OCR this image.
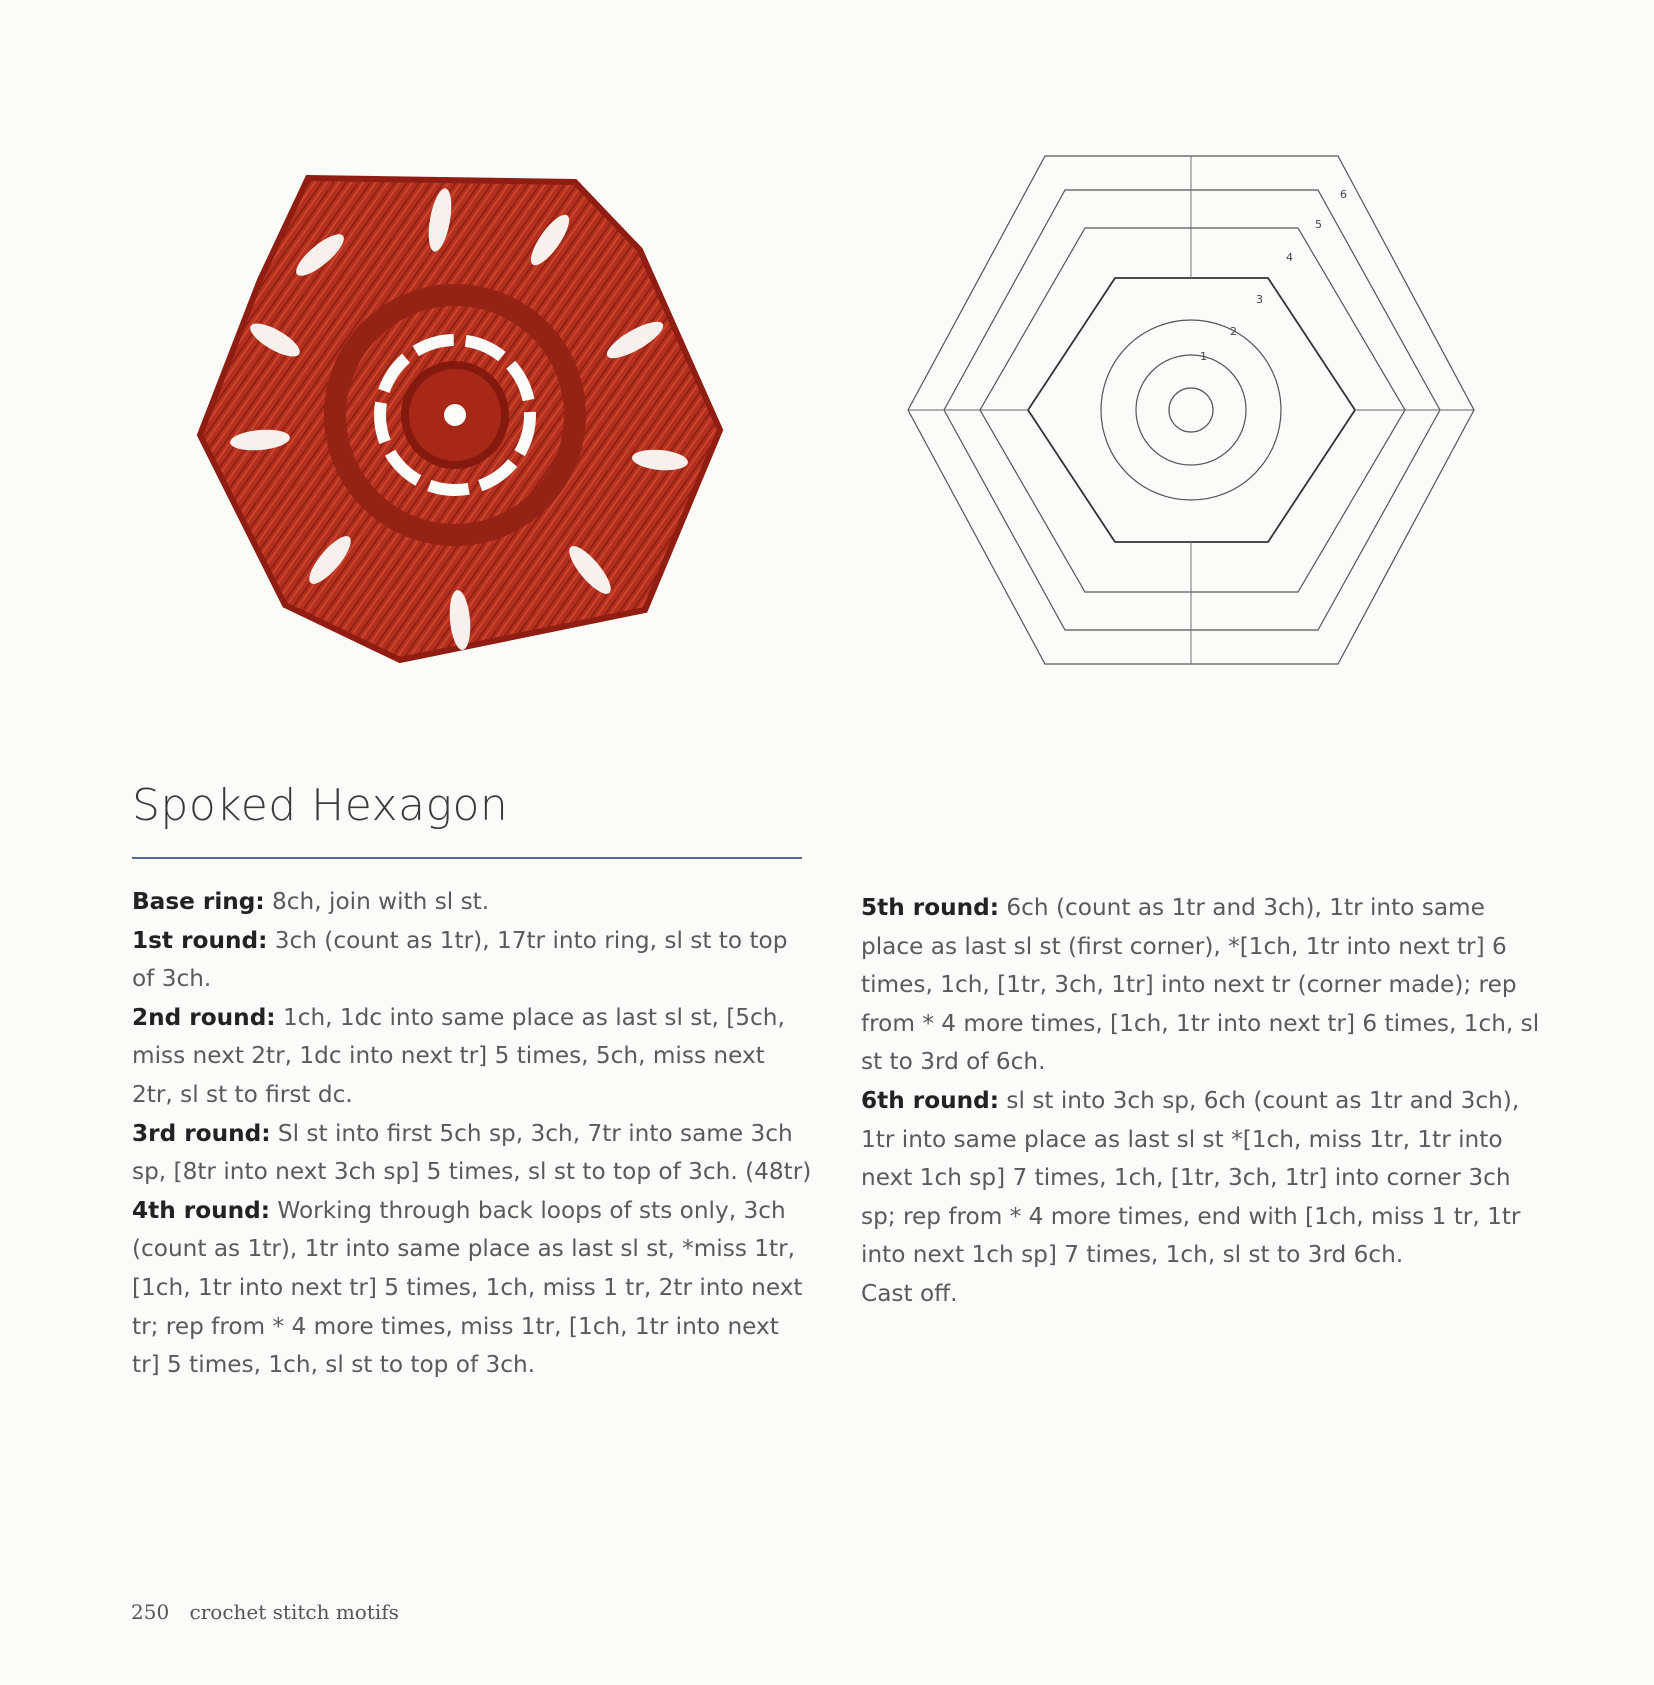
1
2
3
4
5
6
Spoked Hexagon

Base ring: 8ch, join with sl st.

1st round: 3ch (count as 1tr), 17tr into ring, sl st to top of 3ch.

2nd round: 1ch, 1dc into same place as last sl st, [5ch, miss next 2tr, 1dc into next tr] 5 times, 5ch, miss next 2tr, sl st to first dc.

3rd round: Sl st into first 5ch sp, 3ch, 7tr into same 3ch sp, [8tr into next 3ch sp] 5 times, sl st to top of 3ch. (48tr)

4th round: Working through back loops of sts only, 3ch (count as 1tr), 1tr into same place as last sl st, *miss 1tr, [1ch, 1tr into next tr] 5 times, 1ch, miss 1 tr, 2tr into next tr; rep from * 4 more times, miss 1tr, [1ch, 1tr into next tr] 5 times, 1ch, sl st to top of 3ch.

5th round: 6ch (count as 1tr and 3ch), 1tr into same place as last sl st (first corner), *[1ch, 1tr into next tr] 6 times, 1ch, [1tr, 3ch, 1tr] into next tr (corner made); rep from * 4 more times, [1ch, 1tr into next tr] 6 times, 1ch, sl st to 3rd of 6ch.

6th round: sl st into 3ch sp, 6ch (count as 1tr and 3ch), 1tr into same place as last sl st *[1ch, miss 1tr, 1tr into next 1ch sp] 7 times, 1ch, [1tr, 3ch, 1tr] into corner 3ch sp; rep from * 4 more times, end with [1ch, miss 1 tr, 1tr into next 1ch sp] 7 times, 1ch, sl st to 3rd 6ch.

Cast off.

250 crochet stitch motifs
